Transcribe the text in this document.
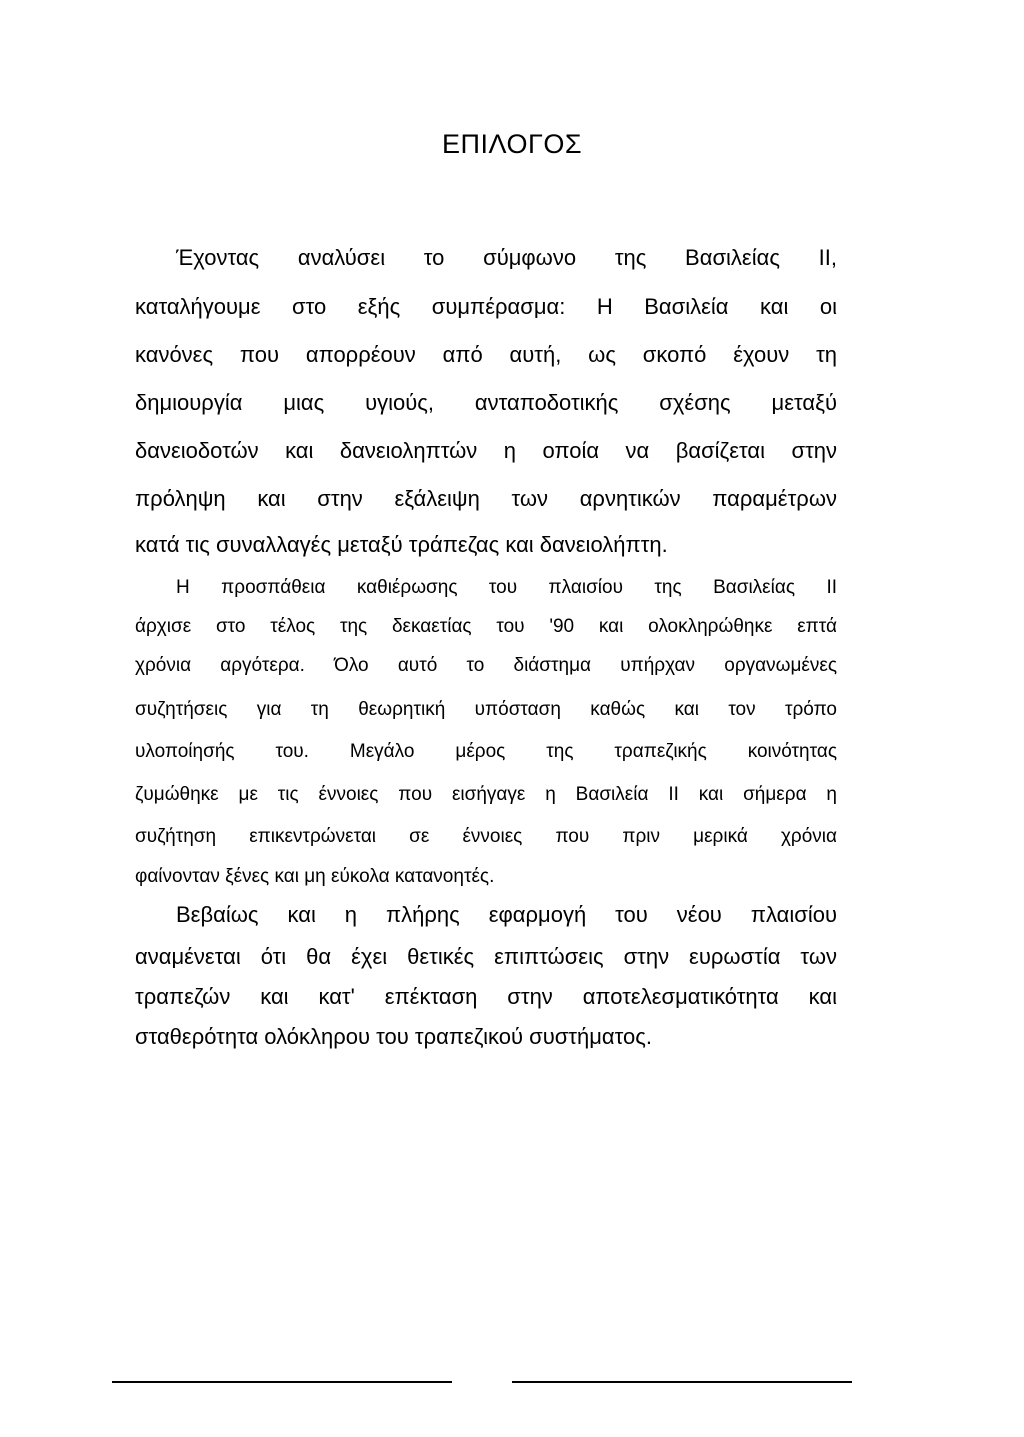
ΕΠΙΛΟΓΟΣ
Έχοντας αναλύσει το σύμφωνο της Βασιλείας ΙΙ,
καταλήγουμε στο εξής συμπέρασμα: Η Βασιλεία και οι
κανόνες που απορρέουν από αυτή, ως σκοπό έχουν τη
δημιουργία μιας υγιούς, ανταποδοτικής σχέσης μεταξύ
δανειοδοτών και δανειοληπτών η οποία να βασίζεται στην
πρόληψη και στην εξάλειψη των αρνητικών παραμέτρων
κατά τις συναλλαγές μεταξύ τράπεζας και δανειολήπτη.
Η προσπάθεια καθιέρωσης του πλαισίου της Βασιλείας ΙΙ
άρχισε στο τέλος της δεκαετίας του '90 και ολοκληρώθηκε επτά
χρόνια αργότερα. Όλο αυτό το διάστημα υπήρχαν οργανωμένες
συζητήσεις για τη θεωρητική υπόσταση καθώς και τον τρόπο
υλοποίησής του. Μεγάλο μέρος της τραπεζικής κοινότητας
ζυμώθηκε με τις έννοιες που εισήγαγε η Βασιλεία ΙΙ και σήμερα η
συζήτηση επικεντρώνεται σε έννοιες που πριν μερικά χρόνια
φαίνονταν ξένες και μη εύκολα κατανοητές.
Βεβαίως και η πλήρης εφαρμογή του νέου πλαισίου
αναμένεται ότι θα έχει θετικές επιπτώσεις στην ευρωστία των
τραπεζών και κατ' επέκταση στην αποτελεσματικότητα και
σταθερότητα ολόκληρου του τραπεζικού συστήματος.
